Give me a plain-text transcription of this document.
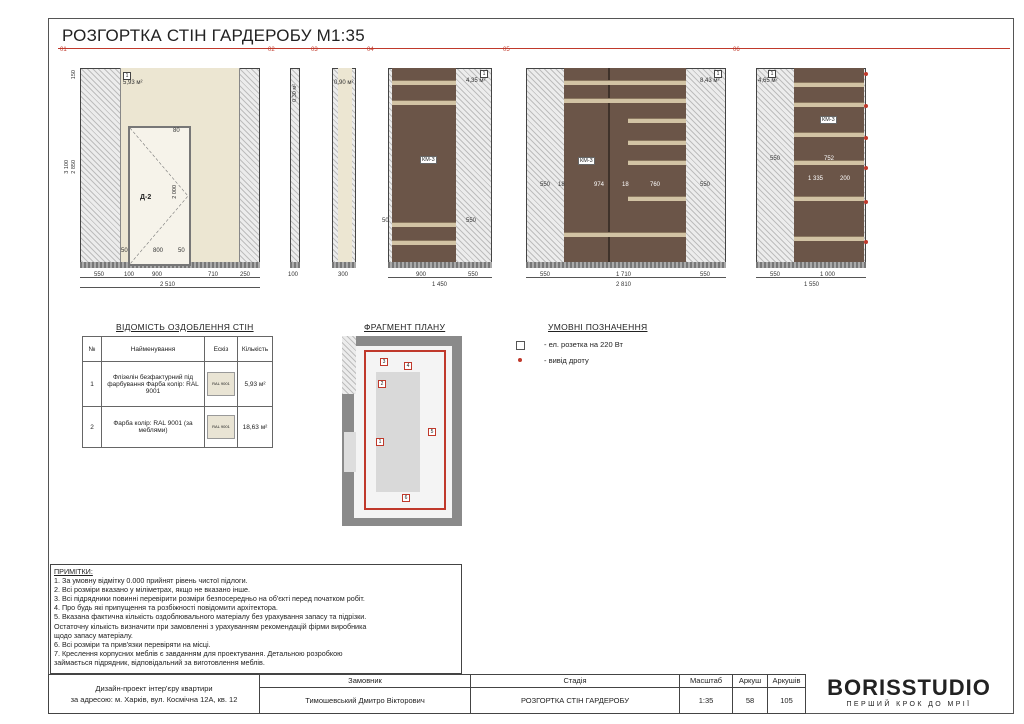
РОЗГОРТКА СТІН ГАРДЕРОБУ М1:35
01	02	03	04	05	06
1
5,93 м²
Д-2	2 000
80
50	800 50
3 100 2 850
150
550	100	900	710	250
2 510
0,30 м²
100
0,90 м²
300
КМ-3
4,35 м²
1
550
50
900	550
1 450
КМ-3
8,43 м²
1
550 18	974	18	760	550
550	1 710	550
2 810
КМ-3
4,65 м²
1
550	752
1 335	200
550	1 000
1 550
ВІДОМІСТЬ ОЗДОБЛЕННЯ СТІН
№	Найменування	Ескіз	Кількість
1	Флізелін безфактурний під фарбування Фарба колір: RAL 9001	RAL 9001	5,93 м²
2	Фарба колір: RAL 9001 (за меблями)	RAL 9001	18,63 м²
ФРАГМЕНТ ПЛАНУ
3
2
4
1
5
6
УМОВНІ ПОЗНАЧЕННЯ
- ел. розетка на 220 Вт
- вивід дроту
ПРИМІТКИ:
1. За умовну відмітку 0.000 прийнят рівень чистої підлоги.
2. Всі розміри вказано у міліметрах, якщо не вказано інше.
3. Всі підрядники повинні перевірити розміри безпосередньо на об'єкті перед початком робіт.
4. Про будь які припущення та розбіжності повідомити архітектора.
5. Вказана фактична кількість оздоблювального матеріалу без урахування запасу та підрізки.
Остаточну кількість визначити при замовленні з урахуванням рекомендацій фірми виробника
щодо запасу матеріалу.
6. Всі розміри та прив'язки перевіряти на місці.
7. Креслення корпусних меблів є завданням для проектування. Детальною розробкою
займається підрядник, відповідальний за виготовлення меблів.
Дизайн-проект інтер'єру квартири
за адресою: м. Харків, вул. Космічна 12А, кв. 12
Замовник
Тимошевський Дмитро Вікторович
Стадія
РОЗГОРТКА СТІН ГАРДЕРОБУ
Масштаб
1:35
Аркуш
58
Аркушів
105
BORISSTUDIO
ПЕРШИЙ КРОК ДО МРІЇ
